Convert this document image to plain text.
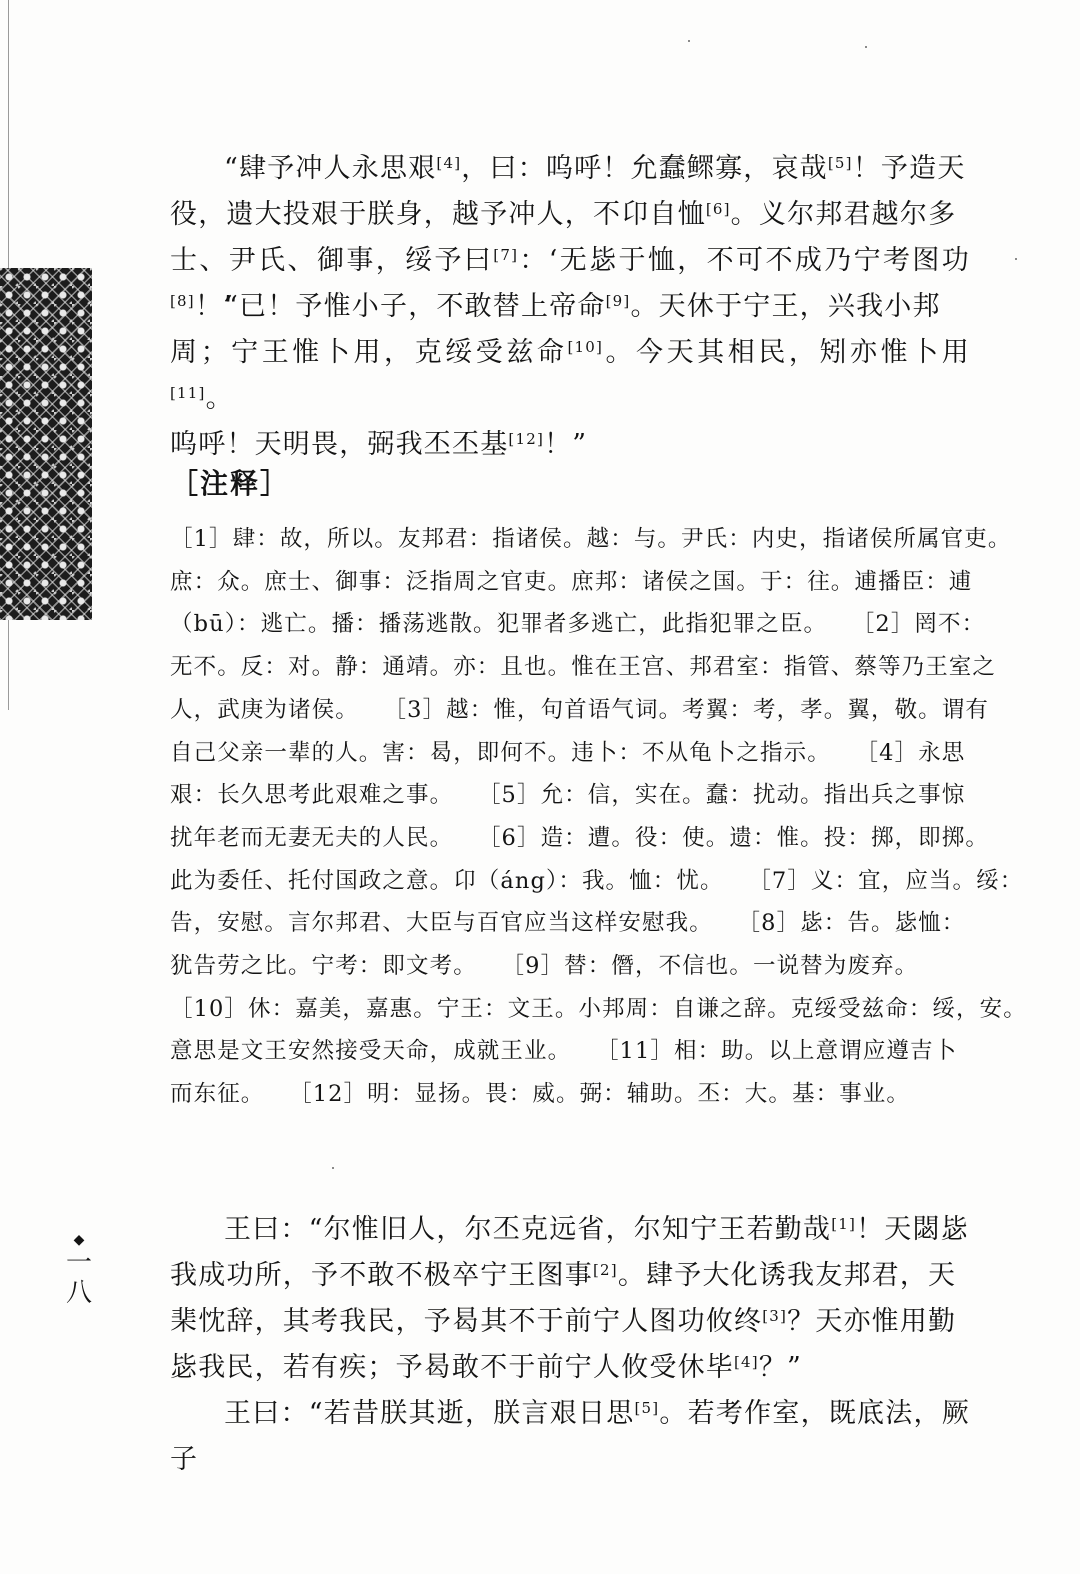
“肆予冲人永思艰[4]，曰：呜呼！允蠢鳏寡，哀哉[5]！予造天
役，遗大投艰于朕身，越予冲人，不卬自恤[6]。义尔邦君越尔多
士、尹氏、御事，绥予曰[7]：‘无毖于恤，不可不成乃宁考图功[8]！’
“已！予惟小子，不敢替上帝命[9]。天休于宁王，兴我小邦
周；宁王惟卜用，克绥受兹命[10]。今天其相民，矧亦惟卜用[11]。
呜呼！天明畏，弼我丕丕基[12]！”
［注释］
［1］肆：故，所以。友邦君：指诸侯。越：与。尹氏：内史，指诸侯所属官吏。
庶：众。庶士、御事：泛指周之官吏。庶邦：诸侯之国。于：往。逋播臣：逋
（bū）：逃亡。播：播荡逃散。犯罪者多逃亡，此指犯罪之臣。   ［2］罔不：
无不。反：对。静：通靖。亦：且也。惟在王宫、邦君室：指管、蔡等乃王室之
人，武庚为诸侯。   ［3］越：惟，句首语气词。考翼：考，孝。翼，敬。谓有
自己父亲一辈的人。害：曷，即何不。违卜：不从龟卜之指示。   ［4］永思
艰：长久思考此艰难之事。   ［5］允：信，实在。蠢：扰动。指出兵之事惊
扰年老而无妻无夫的人民。   ［6］造：遭。役：使。遗：惟。投：掷，即掷。
此为委任、托付国政之意。卬（áng）：我。恤：忧。   ［7］义：宜，应当。绥：
告，安慰。言尔邦君、大臣与百官应当这样安慰我。   ［8］毖：告。毖恤：
犹告劳之比。宁考：即文考。   ［9］替：僭，不信也。一说替为废弃。
［10］休：嘉美，嘉惠。宁王：文王。小邦周：自谦之辞。克绥受兹命：绥，安。
意思是文王安然接受天命，成就王业。   ［11］相：助。以上意谓应遵吉卜
而东征。   ［12］明：显扬。畏：威。弼：辅助。丕：大。基：事业。
王曰：“尔惟旧人，尔丕克远省，尔知宁王若勤哉[1]！天閟毖
我成功所，予不敢不极卒宁王图事[2]。肆予大化诱我友邦君，天
棐忱辞，其考我民，予曷其不于前宁人图功攸终[3]？天亦惟用勤
毖我民，若有疾；予曷敢不于前宁人攸受休毕[4]？”
王曰：“若昔朕其逝，朕言艰日思[5]。若考作室，既底法，厥子
◆
一
八
